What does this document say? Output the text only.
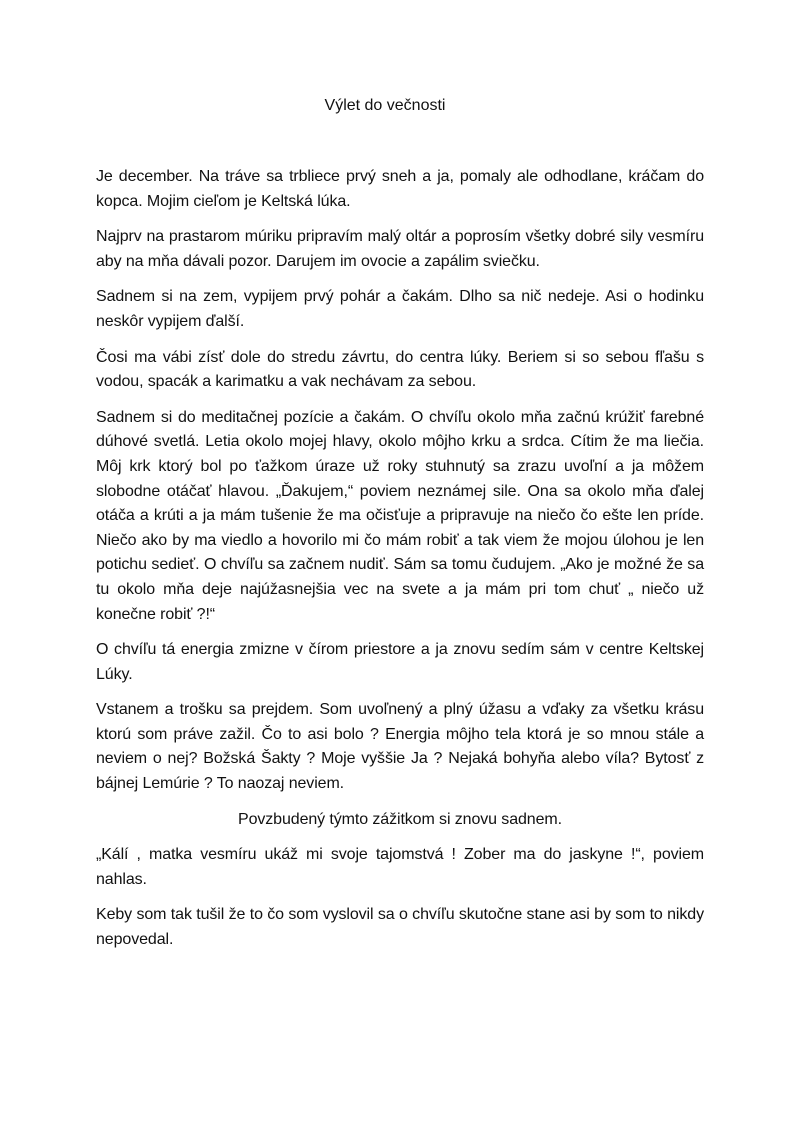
Výlet do večnosti

Je december. Na tráve sa trbliece prvý sneh a ja, pomaly ale odhodlane, kráčam do kopca. Mojim cieľom je Keltská lúka.

Najprv na prastarom múriku pripravím malý oltár a poprosím všetky dobré sily vesmíru aby na mňa dávali pozor. Darujem im ovocie a zapálim sviečku.

Sadnem si na zem, vypijem prvý pohár a čakám. Dlho sa nič nedeje. Asi o hodinku neskôr vypijem ďalší.

Čosi ma vábi zísť dole do stredu závrtu, do centra lúky. Beriem si so sebou fľašu s vodou, spacák a karimatku a vak nechávam za sebou.

Sadnem si do meditačnej pozície a čakám. O chvíľu okolo mňa začnú krúžiť farebné dúhové svetlá. Letia okolo mojej hlavy, okolo môjho krku a srdca. Cítim že ma liečia. Môj krk ktorý bol po ťažkom úraze už roky stuhnutý sa zrazu uvoľní a ja môžem slobodne otáčať hlavou. „Ďakujem,“ poviem neznámej sile. Ona sa okolo mňa ďalej otáča a krúti a ja mám tušenie že ma očisťuje a pripravuje na niečo čo ešte len príde. Niečo ako by ma viedlo a hovorilo mi čo mám robiť a tak viem že mojou úlohou je len potichu sedieť. O chvíľu sa začnem nudiť. Sám sa tomu čudujem. „Ako je možné že sa tu okolo mňa deje najúžasnejšia vec na svete a ja mám pri tom chuť „ niečo už konečne robiť ?!“

O chvíľu tá energia zmizne v čírom priestore a ja znovu sedím sám v centre Keltskej Lúky.

Vstanem a trošku sa prejdem. Som uvoľnený a plný úžasu a vďaky za všetku krásu ktorú som práve zažil. Čo to asi bolo ? Energia môjho tela ktorá je so mnou stále a neviem o nej? Božská Šakty ? Moje vyššie Ja ? Nejaká bohyňa alebo víla? Bytosť z bájnej Lemúrie ? To naozaj neviem.

Povzbudený týmto zážitkom si znovu sadnem.

„Kálí , matka vesmíru ukáž mi svoje tajomstvá ! Zober ma do jaskyne !“, poviem nahlas.

Keby som tak tušil že to čo som vyslovil sa o chvíľu skutočne stane asi by som to nikdy nepovedal.
